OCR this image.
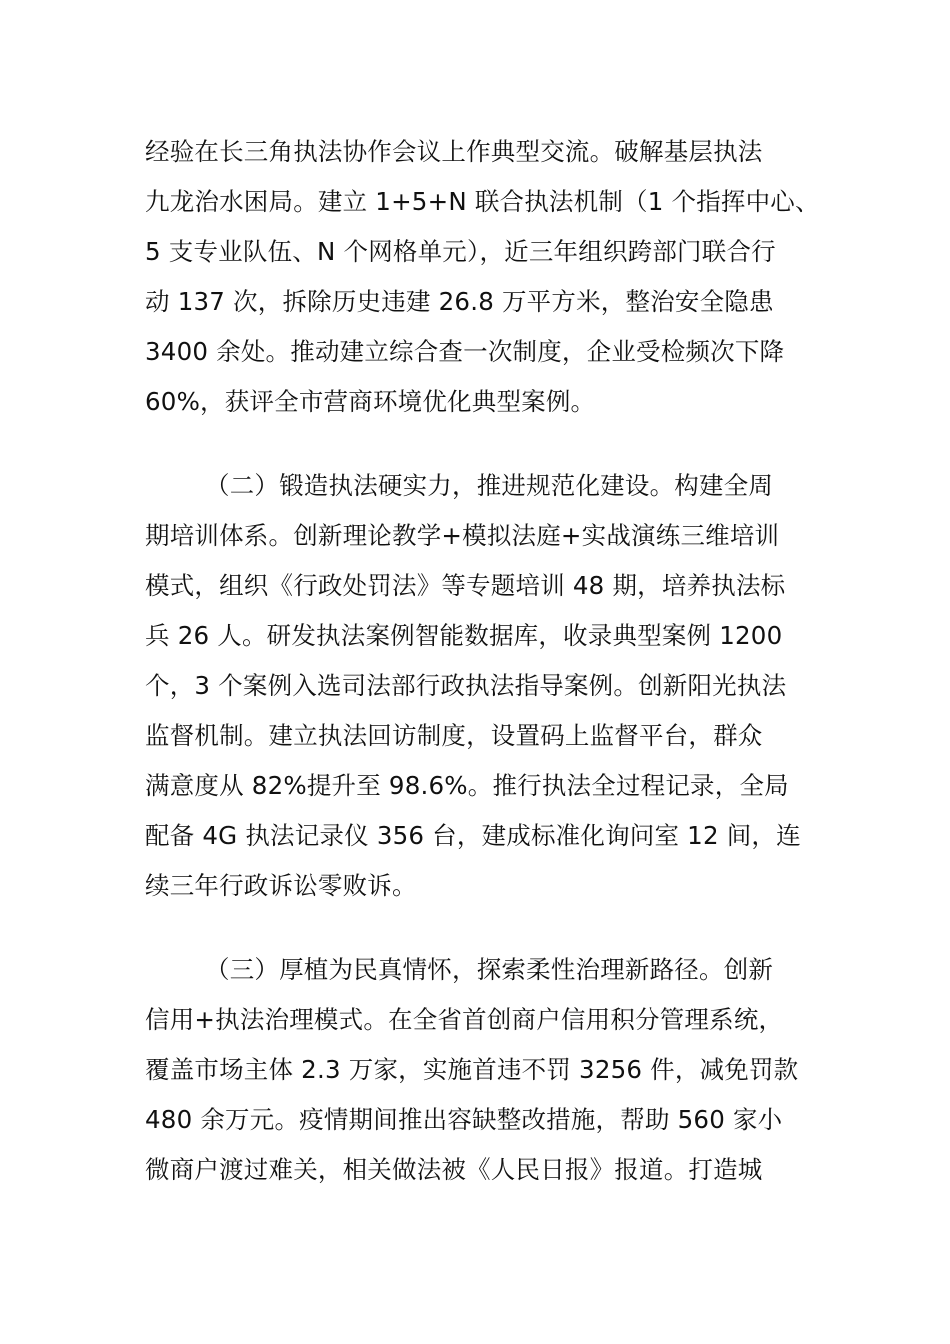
经验在长三角执法协作会议上作典型交流。破解基层执法
九龙治水困局。建立 1+5+N 联合执法机制（1 个指挥中心、
5 支专业队伍、N 个网格单元），近三年组织跨部门联合行
动 137 次，拆除历史违建 26.8 万平方米，整治安全隐患
3400 余处。推动建立综合查一次制度，企业受检频次下降
60%，获评全市营商环境优化典型案例。
（二）锻造执法硬实力，推进规范化建设。构建全周
期培训体系。创新理论教学+模拟法庭+实战演练三维培训
模式，组织《行政处罚法》等专题培训 48 期，培养执法标
兵 26 人。研发执法案例智能数据库，收录典型案例 1200
个，3 个案例入选司法部行政执法指导案例。创新阳光执法
监督机制。建立执法回访制度，设置码上监督平台，群众
满意度从 82%提升至 98.6%。推行执法全过程记录，全局
配备 4G 执法记录仪 356 台，建成标准化询问室 12 间，连
续三年行政诉讼零败诉。
（三）厚植为民真情怀，探索柔性治理新路径。创新
信用+执法治理模式。在全省首创商户信用积分管理系统，
覆盖市场主体 2.3 万家，实施首违不罚 3256 件，减免罚款
480 余万元。疫情期间推出容缺整改措施，帮助 560 家小
微商户渡过难关，相关做法被《人民日报》报道。打造城
